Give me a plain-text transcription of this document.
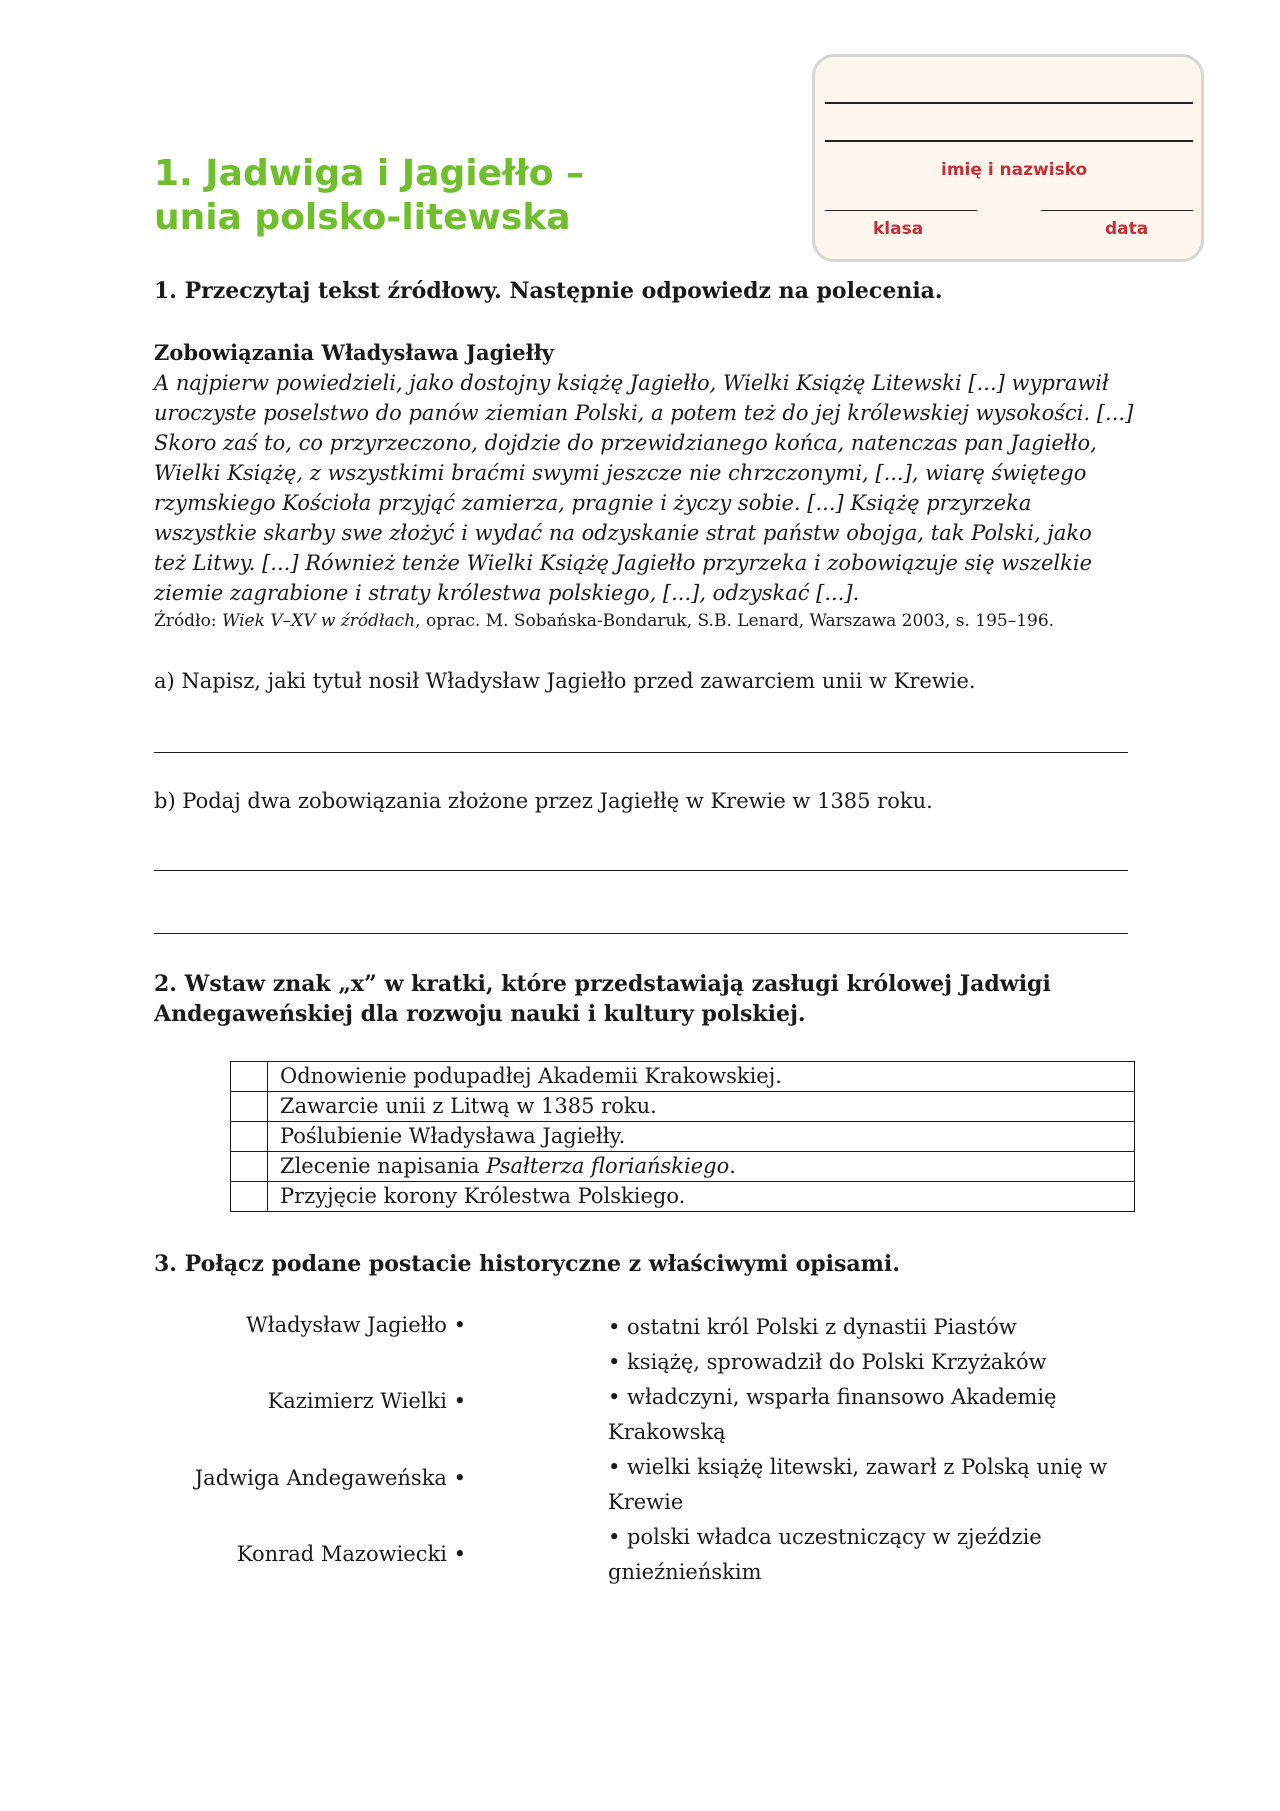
1. Jadwiga i Jagiełło –
unia polsko-litewska
imię i nazwisko
klasa	data
1. Przeczytaj tekst źródłowy. Następnie odpowiedz na polecenia.
Zobowiązania Władysława Jagiełły
A najpierw powiedzieli, jako dostojny książę Jagiełło, Wielki Książę Litewski [...] wyprawił
uroczyste poselstwo do panów ziemian Polski, a potem też do jej królewskiej wysokości. [...]
Skoro zaś to, co przyrzeczono, dojdzie do przewidzianego końca, natenczas pan Jagiełło,
Wielki Książę, z wszystkimi braćmi swymi jeszcze nie chrzczonymi, [...], wiarę świętego
rzymskiego Kościoła przyjąć zamierza, pragnie i życzy sobie. [...] Książę przyrzeka
wszystkie skarby swe złożyć i wydać na odzyskanie strat państw obojga, tak Polski, jako
też Litwy. [...] Również tenże Wielki Książę Jagiełło przyrzeka i zobowiązuje się wszelkie
ziemie zagrabione i straty królestwa polskiego, [...], odzyskać [...].
Źródło: Wiek V–XV w źródłach, oprac. M. Sobańska-Bondaruk, S.B. Lenard, Warszawa 2003, s. 195–196.
a) Napisz, jaki tytuł nosił Władysław Jagiełło przed zawarciem unii w Krewie.
b) Podaj dwa zobowiązania złożone przez Jagiełłę w Krewie w 1385 roku.
2. Wstaw znak „x” w kratki, które przedstawiają zasługi królowej Jadwigi
Andegaweńskiej dla rozwoju nauki i kultury polskiej.
	Odnowienie podupadłej Akademii Krakowskiej.
	Zawarcie unii z Litwą w 1385 roku.
	Poślubienie Władysława Jagiełły.
	Zlecenie napisania Psałterza floriańskiego.
	Przyjęcie korony Królestwa Polskiego.
3. Połącz podane postacie historyczne z właściwymi opisami.
Władysław Jagiełło •
Kazimierz Wielki •
Jadwiga Andegaweńska •
Konrad Mazowiecki •
• ostatni król Polski z dynastii Piastów
• książę, sprowadził do Polski Krzyżaków
• władczyni, wsparła finansowo Akademię Krakowską
• wielki książę litewski, zawarł z Polską unię w Krewie
• polski władca uczestniczący w zjeździe gnieźnieńskim
